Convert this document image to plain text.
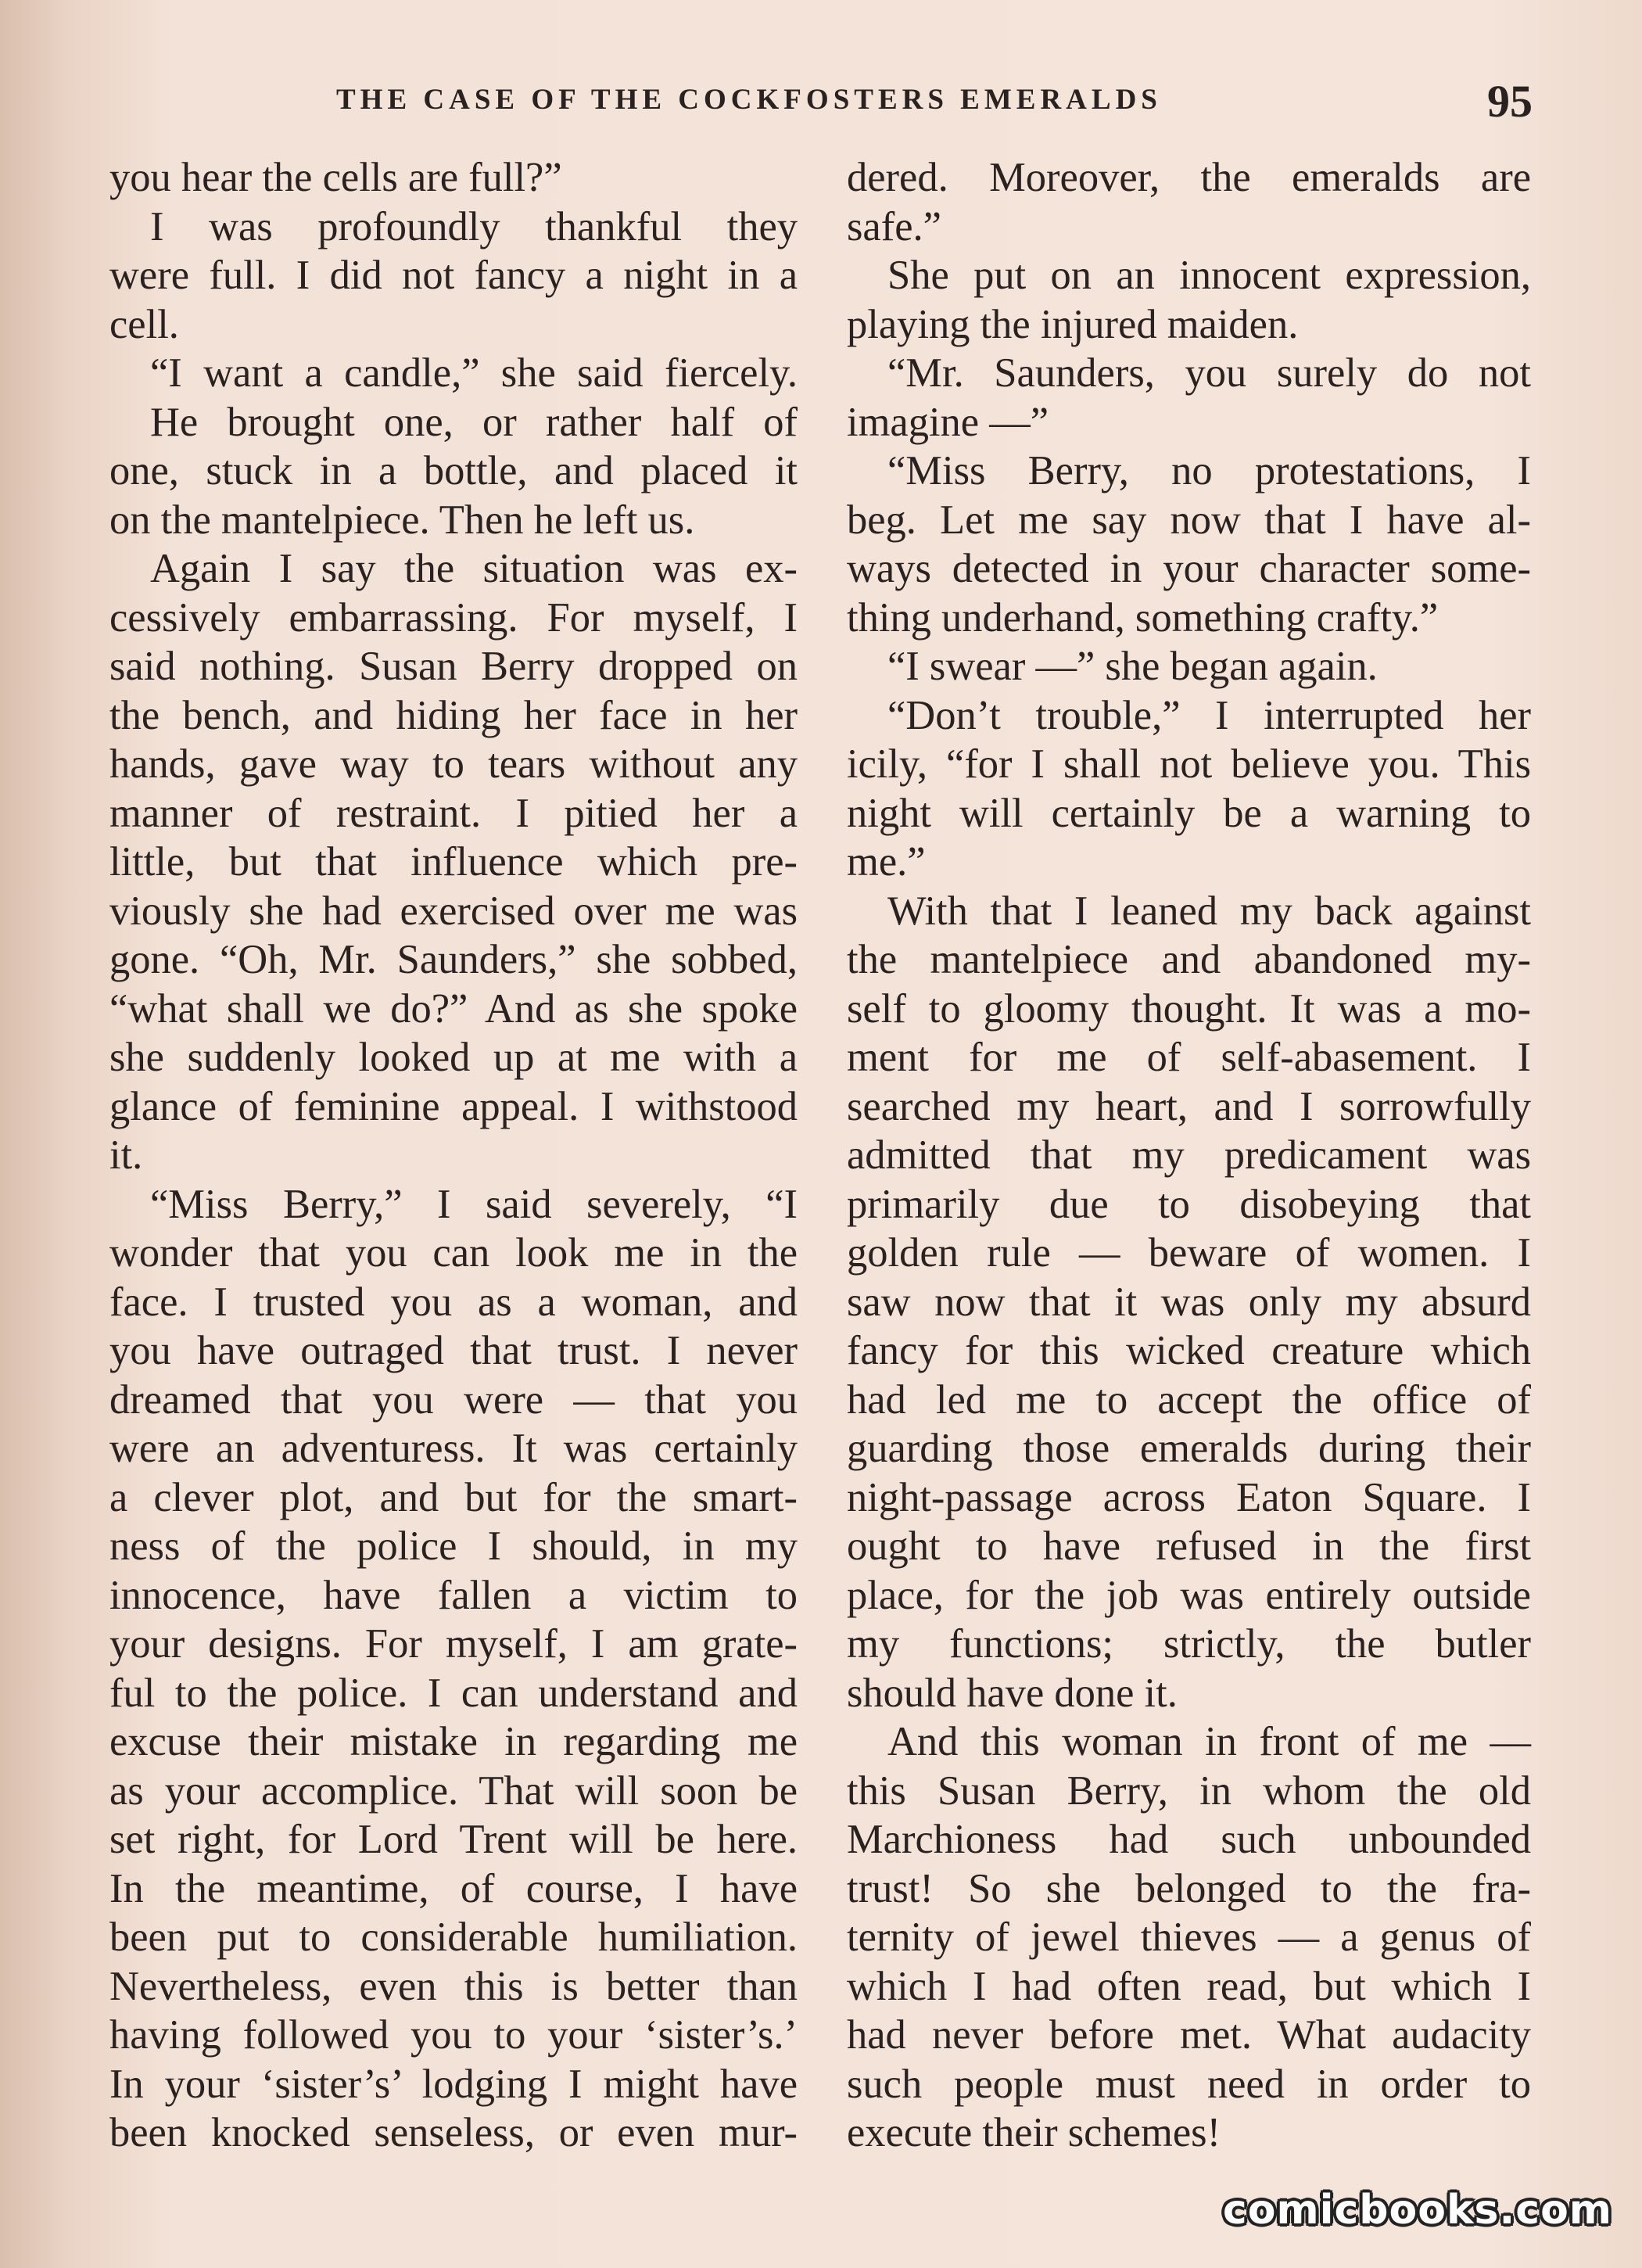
THE CASE OF THE COCKFOSTERS EMERALDS	95
you hear the cells are full?”
I was profoundly thankful they
were full. I did not fancy a night in a
cell.
“I want a candle,” she said fiercely.
He brought one, or rather half of
one, stuck in a bottle, and placed it
on the mantelpiece. Then he left us.
Again I say the situation was ex-
cessively embarrassing. For myself, I
said nothing. Susan Berry dropped on
the bench, and hiding her face in her
hands, gave way to tears without any
manner of restraint. I pitied her a
little, but that influence which pre-
viously she had exercised over me was
gone. “Oh, Mr. Saunders,” she sobbed,
“what shall we do?” And as she spoke
she suddenly looked up at me with a
glance of feminine appeal. I withstood
it.
“Miss Berry,” I said severely, “I
wonder that you can look me in the
face. I trusted you as a woman, and
you have outraged that trust. I never
dreamed that you were — that you
were an adventuress. It was certainly
a clever plot, and but for the smart-
ness of the police I should, in my
innocence, have fallen a victim to
your designs. For myself, I am grate-
ful to the police. I can understand and
excuse their mistake in regarding me
as your accomplice. That will soon be
set right, for Lord Trent will be here.
In the meantime, of course, I have
been put to considerable humiliation.
Nevertheless, even this is better than
having followed you to your ‘sister’s.’
In your ‘sister’s’ lodging I might have
been knocked senseless, or even mur-
dered. Moreover, the emeralds are
safe.”
She put on an innocent expression,
playing the injured maiden.
“Mr. Saunders, you surely do not
imagine —”
“Miss Berry, no protestations, I
beg. Let me say now that I have al-
ways detected in your character some-
thing underhand, something crafty.”
“I swear —” she began again.
“Don’t trouble,” I interrupted her
icily, “for I shall not believe you. This
night will certainly be a warning to
me.”
With that I leaned my back against
the mantelpiece and abandoned my-
self to gloomy thought. It was a mo-
ment for me of self-abasement. I
searched my heart, and I sorrowfully
admitted that my predicament was
primarily due to disobeying that
golden rule — beware of women. I
saw now that it was only my absurd
fancy for this wicked creature which
had led me to accept the office of
guarding those emeralds during their
night-passage across Eaton Square. I
ought to have refused in the first
place, for the job was entirely outside
my functions; strictly, the butler
should have done it.
And this woman in front of me —
this Susan Berry, in whom the old
Marchioness had such unbounded
trust! So she belonged to the fra-
ternity of jewel thieves — a genus of
which I had often read, but which I
had never before met. What audacity
such people must need in order to
execute their schemes!
comicbooks.com
